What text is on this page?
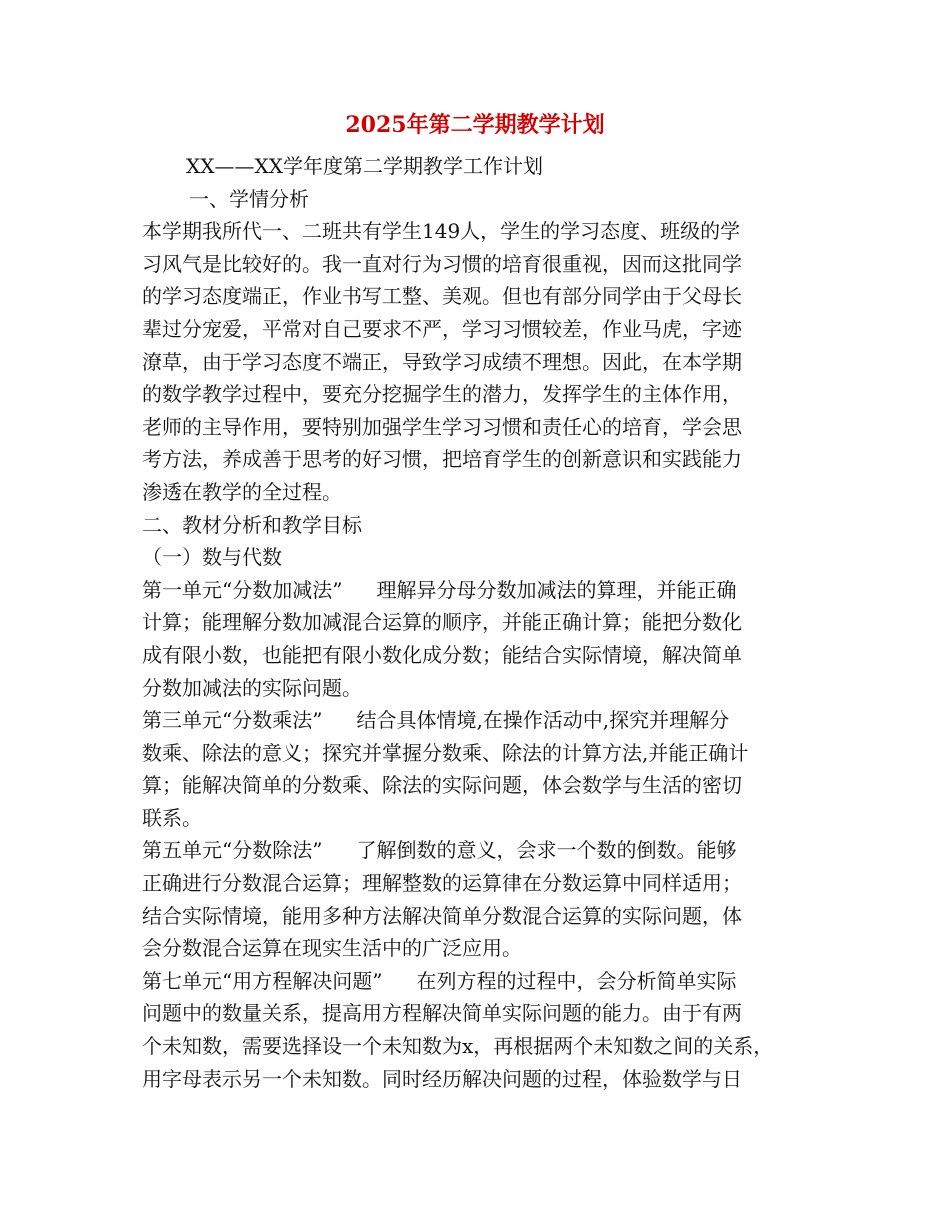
2025年第二学期教学计划
XX——XX学年度第二学期教学工作计划
一、学情分析
本学期我所代一、二班共有学生149人，学生的学习态度、班级的学
习风气是比较好的。我一直对行为习惯的培育很重视，因而这批同学
的学习态度端正，作业书写工整、美观。但也有部分同学由于父母长
辈过分宠爱，平常对自己要求不严，学习习惯较差，作业马虎，字迹
潦草，由于学习态度不端正，导致学习成绩不理想。因此，在本学期
的数学教学过程中，要充分挖掘学生的潜力，发挥学生的主体作用，
老师的主导作用，要特别加强学生学习习惯和责任心的培育，学会思
考方法，养成善于思考的好习惯，把培育学生的创新意识和实践能力
渗透在教学的全过程。
二、教材分析和教学目标
（一）数与代数
第一单元“分数加减法” 理解异分母分数加减法的算理，并能正确
计算；能理解分数加减混合运算的顺序，并能正确计算；能把分数化
成有限小数，也能把有限小数化成分数；能结合实际情境，解决简单
分数加减法的实际问题。
第三单元“分数乘法” 结合具体情境,在操作活动中,探究并理解分
数乘、除法的意义；探究并掌握分数乘、除法的计算方法,并能正确计
算；能解决简单的分数乘、除法的实际问题，体会数学与生活的密切
联系。
第五单元“分数除法” 了解倒数的意义，会求一个数的倒数。能够
正确进行分数混合运算；理解整数的运算律在分数运算中同样适用；
结合实际情境，能用多种方法解决简单分数混合运算的实际问题，体
会分数混合运算在现实生活中的广泛应用。
第七单元“用方程解决问题” 在列方程的过程中，会分析简单实际
问题中的数量关系，提高用方程解决简单实际问题的能力。由于有两
个未知数，需要选择设一个未知数为x，再根据两个未知数之间的关系，
用字母表示另一个未知数。同时经历解决问题的过程，体验数学与日
